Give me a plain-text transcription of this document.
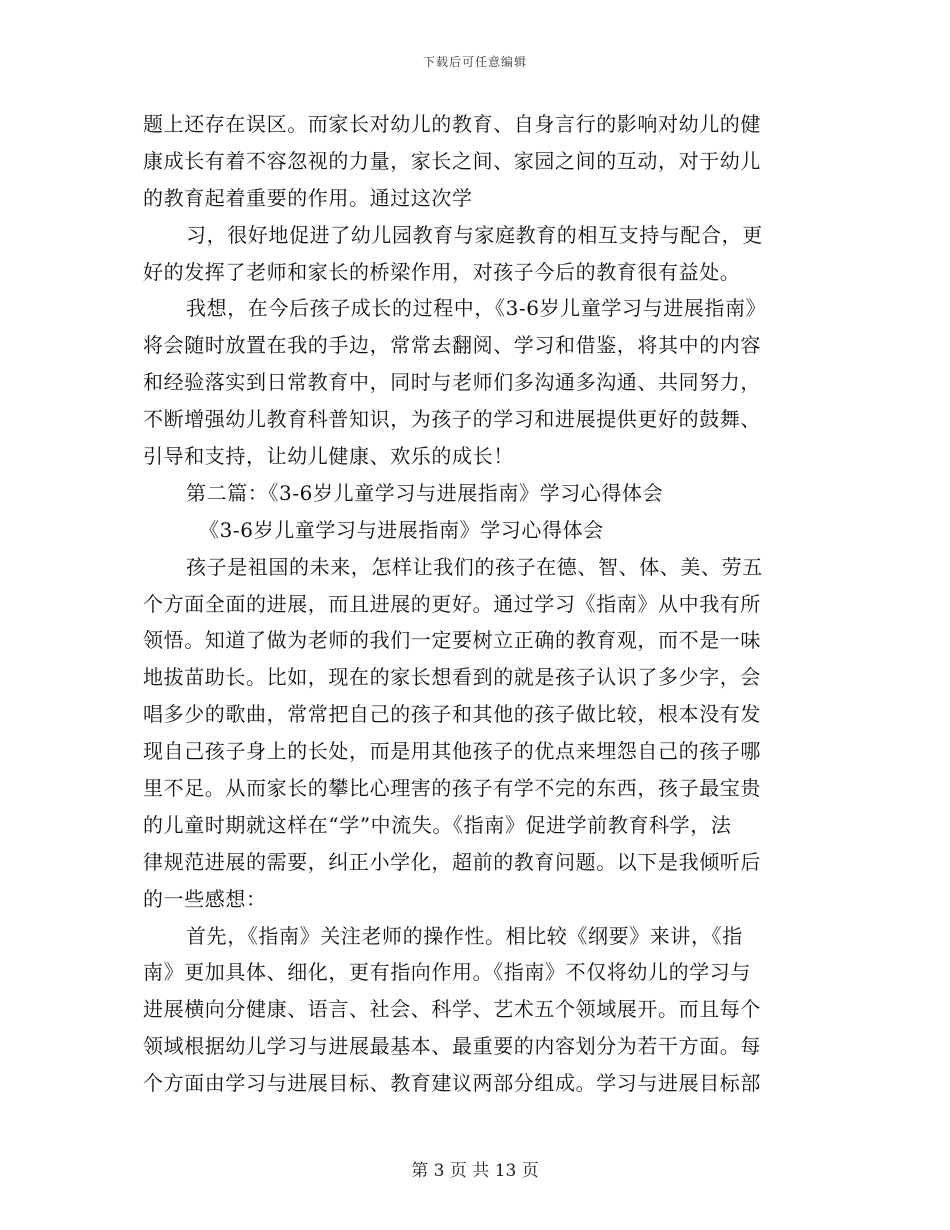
下载后可任意编辑
题上还存在误区。而家长对幼儿的教育、自身言行的影响对幼儿的健
康成长有着不容忽视的力量，家长之间、家园之间的互动，对于幼儿
的教育起着重要的作用。通过这次学
习，很好地促进了幼儿园教育与家庭教育的相互支持与配合，更
好的发挥了老师和家长的桥梁作用，对孩子今后的教育很有益处。
我想，在今后孩子成长的过程中，《3-6岁儿童学习与进展指南》
将会随时放置在我的手边，常常去翻阅、学习和借鉴，将其中的内容
和经验落实到日常教育中，同时与老师们多沟通多沟通、共同努力，
不断增强幼儿教育科普知识，为孩子的学习和进展提供更好的鼓舞、
引导和支持，让幼儿健康、欢乐的成长！
第二篇：《3-6岁儿童学习与进展指南》学习心得体会
《3-6岁儿童学习与进展指南》学习心得体会
孩子是祖国的未来，怎样让我们的孩子在德、智、体、美、劳五
个方面全面的进展，而且进展的更好。通过学习《指南》从中我有所
领悟。知道了做为老师的我们一定要树立正确的教育观，而不是一味
地拔苗助长。比如，现在的家长想看到的就是孩子认识了多少字，会
唱多少的歌曲，常常把自己的孩子和其他的孩子做比较，根本没有发
现自己孩子身上的长处，而是用其他孩子的优点来埋怨自己的孩子哪
里不足。从而家长的攀比心理害的孩子有学不完的东西，孩子最宝贵
的儿童时期就这样在“学”中流失。《指南》促进学前教育科学，法
律规范进展的需要，纠正小学化，超前的教育问题。以下是我倾听后
的一些感想：
首先，《指南》关注老师的操作性。相比较《纲要》来讲，《指
南》更加具体、细化，更有指向作用。《指南》不仅将幼儿的学习与
进展横向分健康、语言、社会、科学、艺术五个领域展开。而且每个
领域根据幼儿学习与进展最基本、最重要的内容划分为若干方面。每
个方面由学习与进展目标、教育建议两部分组成。学习与进展目标部
第 3 页 共 13 页
